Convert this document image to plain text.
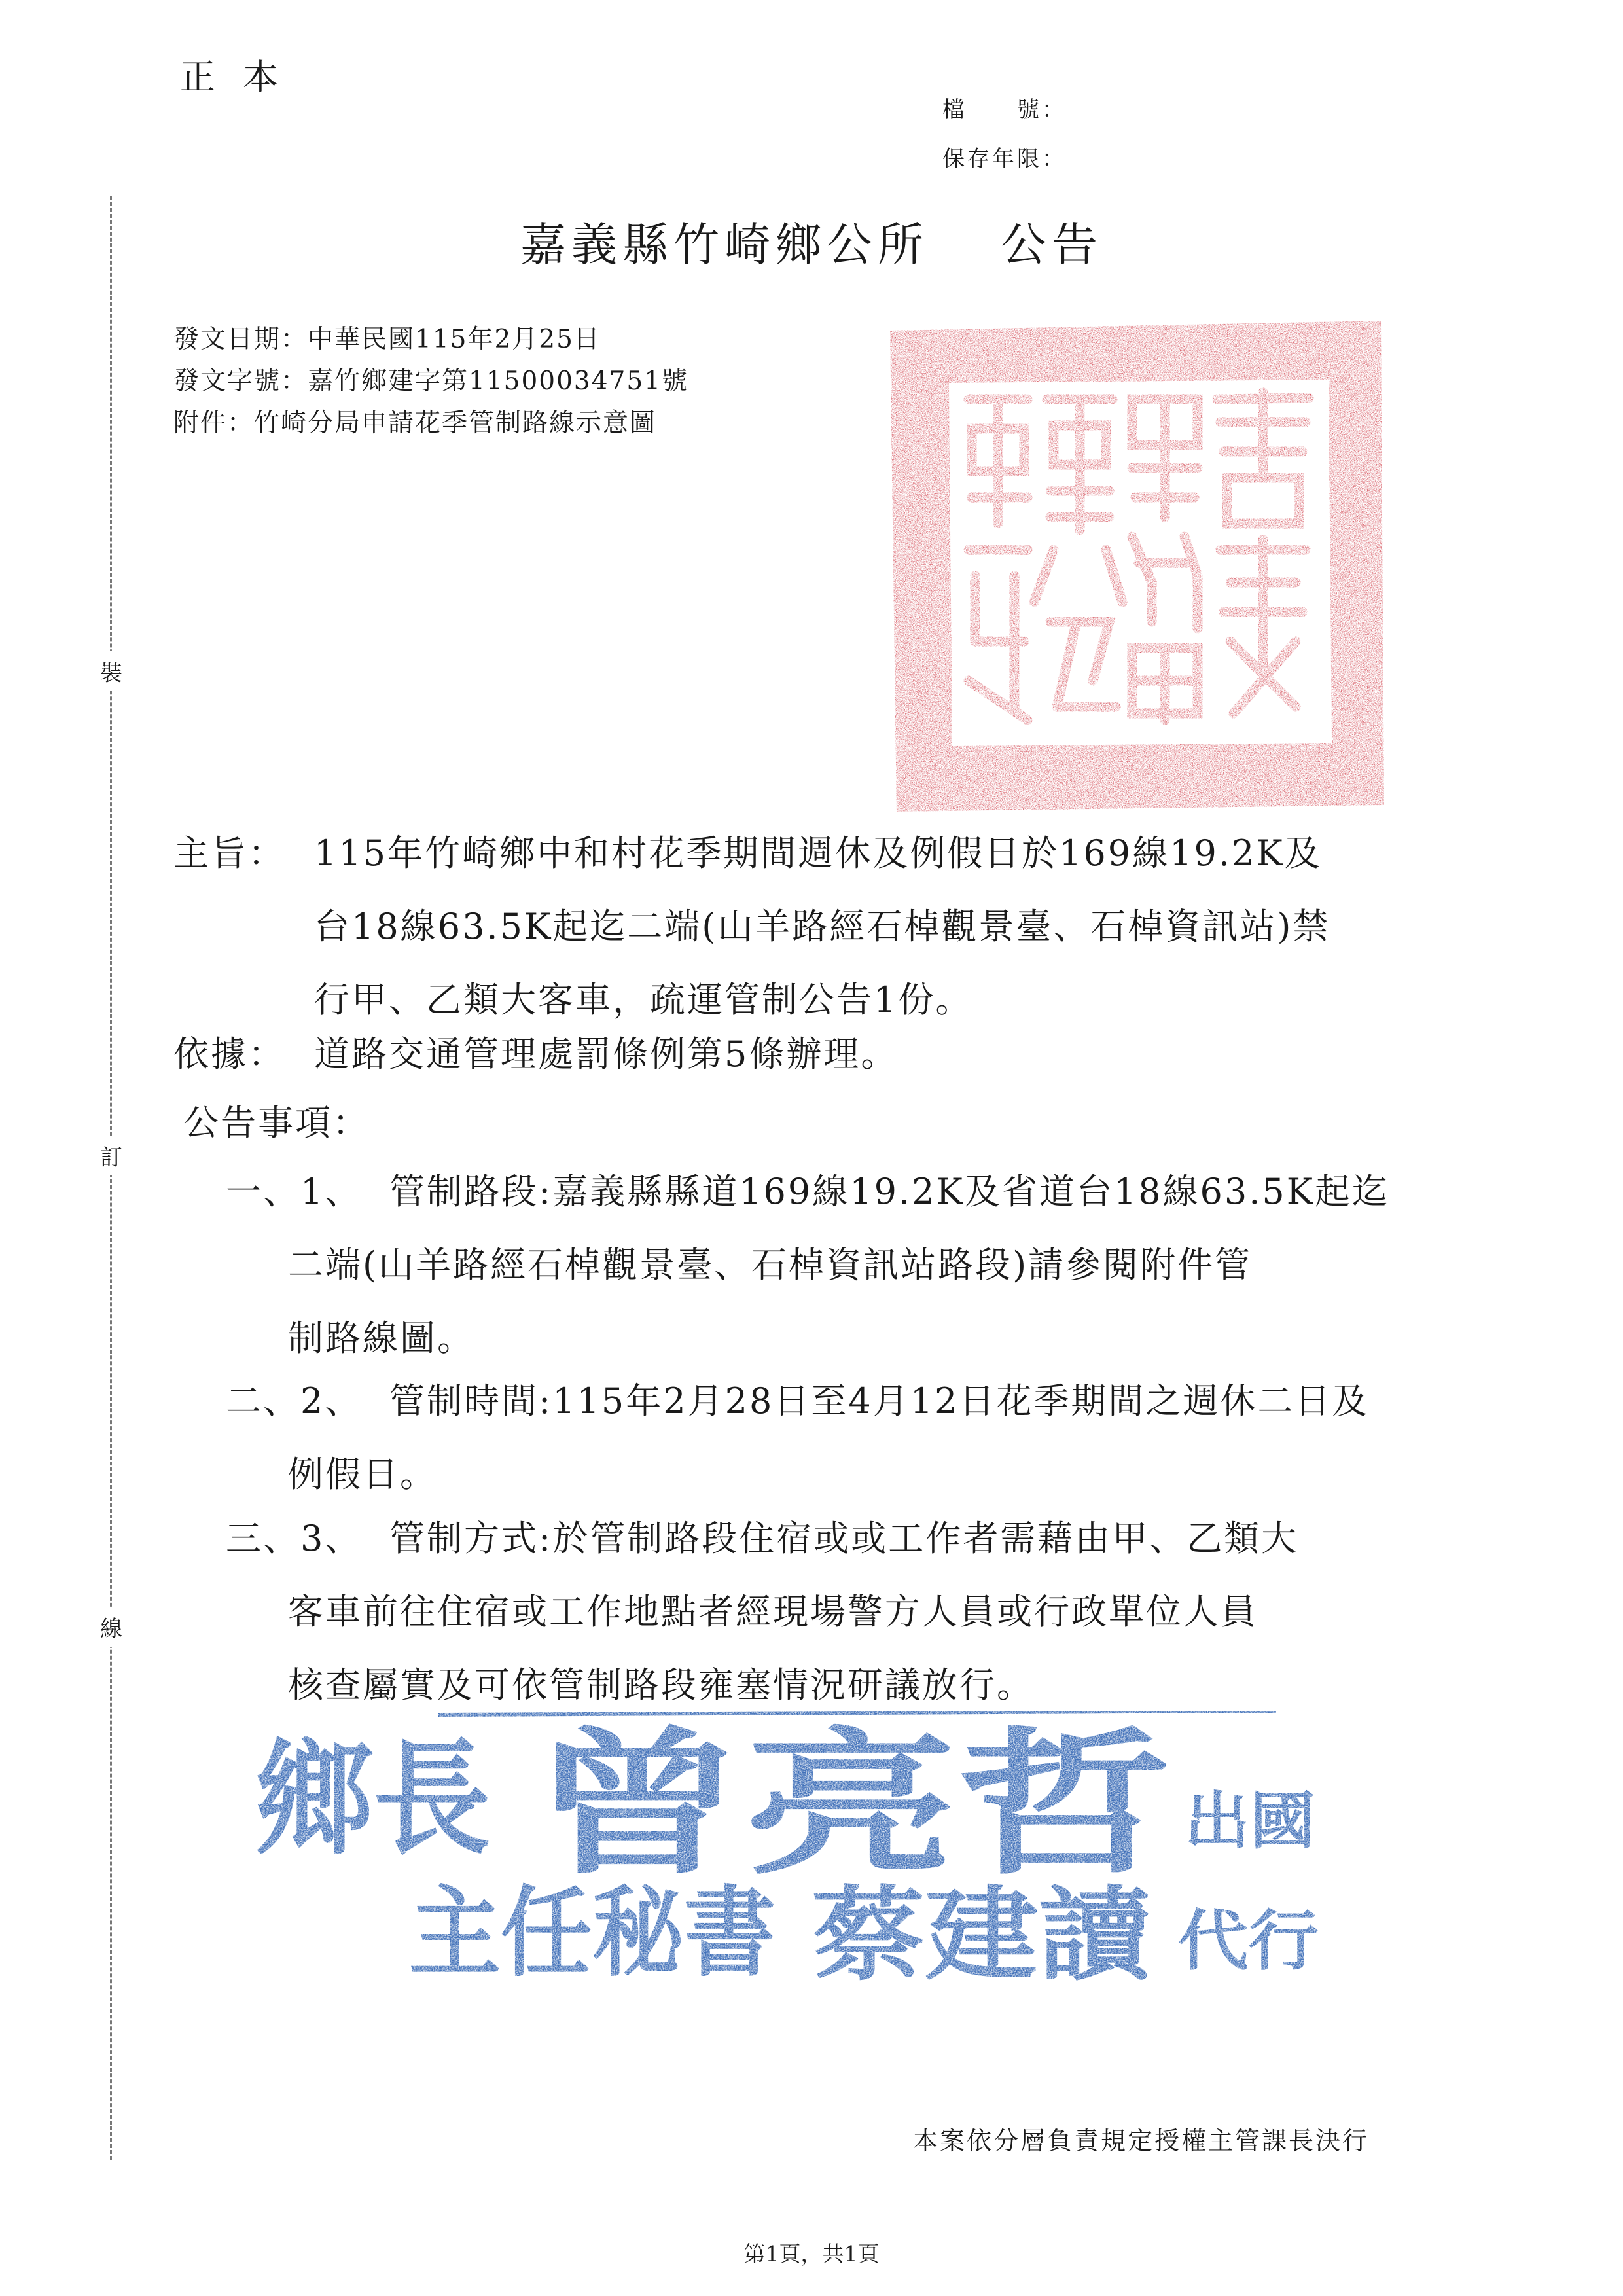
正本
檔　　號：
保存年限：
裝
訂
線
嘉義縣竹崎鄉公所 公告
發文日期：中華民國115年2月25日
發文字號：嘉竹鄉建字第11500034751號
附件：竹崎分局申請花季管制路線示意圖
主旨： 115年竹崎鄉中和村花季期間週休及例假日於169線19.2K及
台18線63.5K起迄二端(山羊路經石棹觀景臺、石棹資訊站)禁
行甲、乙類大客車，疏運管制公告1份。
依據： 道路交通管理處罰條例第5條辦理。
公告事項：
一、1、 管制路段:嘉義縣縣道169線19.2K及省道台18線63.5K起迄
二端(山羊路經石棹觀景臺、石棹資訊站路段)請參閱附件管
制路線圖。
二、2、 管制時間:115年2月28日至4月12日花季期間之週休二日及
例假日。
三、3、 管制方式:於管制路段住宿或或工作者需藉由甲、乙類大
客車前往住宿或工作地點者經現場警方人員或行政單位人員
核查屬實及可依管制路段雍塞情況研議放行。
鄉長 曾亮哲 出國
主任秘書 蔡建讀 代行
本案依分層負責規定授權主管課長決行
第1頁，共1頁
